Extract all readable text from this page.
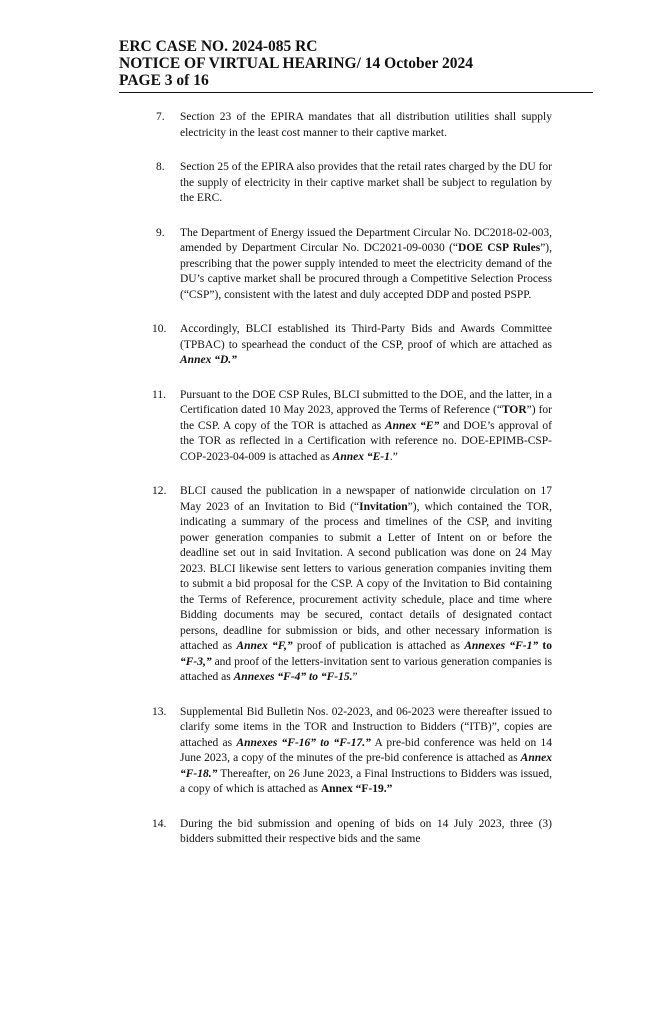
ERC CASE NO. 2024-085 RC
NOTICE OF VIRTUAL HEARING/ 14 October 2024
PAGE 3 of 16
7. Section 23 of the EPIRA mandates that all distribution utilities shall supply electricity in the least cost manner to their captive market.
8. Section 25 of the EPIRA also provides that the retail rates charged by the DU for the supply of electricity in their captive market shall be subject to regulation by the ERC.
9. The Department of Energy issued the Department Circular No. DC2018-02-003, amended by Department Circular No. DC2021-09-0030 (“DOE CSP Rules”), prescribing that the power supply intended to meet the electricity demand of the DU’s captive market shall be procured through a Competitive Selection Process (“CSP”), consistent with the latest and duly accepted DDP and posted PSPP.
10. Accordingly, BLCI established its Third-Party Bids and Awards Committee (TPBAC) to spearhead the conduct of the CSP, proof of which are attached as Annex “D.”
11. Pursuant to the DOE CSP Rules, BLCI submitted to the DOE, and the latter, in a Certification dated 10 May 2023, approved the Terms of Reference (“TOR”) for the CSP. A copy of the TOR is attached as Annex “E” and DOE’s approval of the TOR as reflected in a Certification with reference no. DOE-EPIMB-CSP-COP-2023-04-009 is attached as Annex “E-1.”
12. BLCI caused the publication in a newspaper of nationwide circulation on 17 May 2023 of an Invitation to Bid (“Invitation”), which contained the TOR, indicating a summary of the process and timelines of the CSP, and inviting power generation companies to submit a Letter of Intent on or before the deadline set out in said Invitation. A second publication was done on 24 May 2023. BLCI likewise sent letters to various generation companies inviting them to submit a bid proposal for the CSP. A copy of the Invitation to Bid containing the Terms of Reference, procurement activity schedule, place and time where Bidding documents may be secured, contact details of designated contact persons, deadline for submission or bids, and other necessary information is attached as Annex “F,” proof of publication is attached as Annexes “F-1” to “F-3,” and proof of the letters-invitation sent to various generation companies is attached as Annexes “F-4” to “F-15.”
13. Supplemental Bid Bulletin Nos. 02-2023, and 06-2023 were thereafter issued to clarify some items in the TOR and Instruction to Bidders (“ITB)”, copies are attached as Annexes “F-16” to “F-17.” A pre-bid conference was held on 14 June 2023, a copy of the minutes of the pre-bid conference is attached as Annex “F-18.” Thereafter, on 26 June 2023, a Final Instructions to Bidders was issued, a copy of which is attached as Annex “F-19.”
14. During the bid submission and opening of bids on 14 July 2023, three (3) bidders submitted their respective bids and the same
